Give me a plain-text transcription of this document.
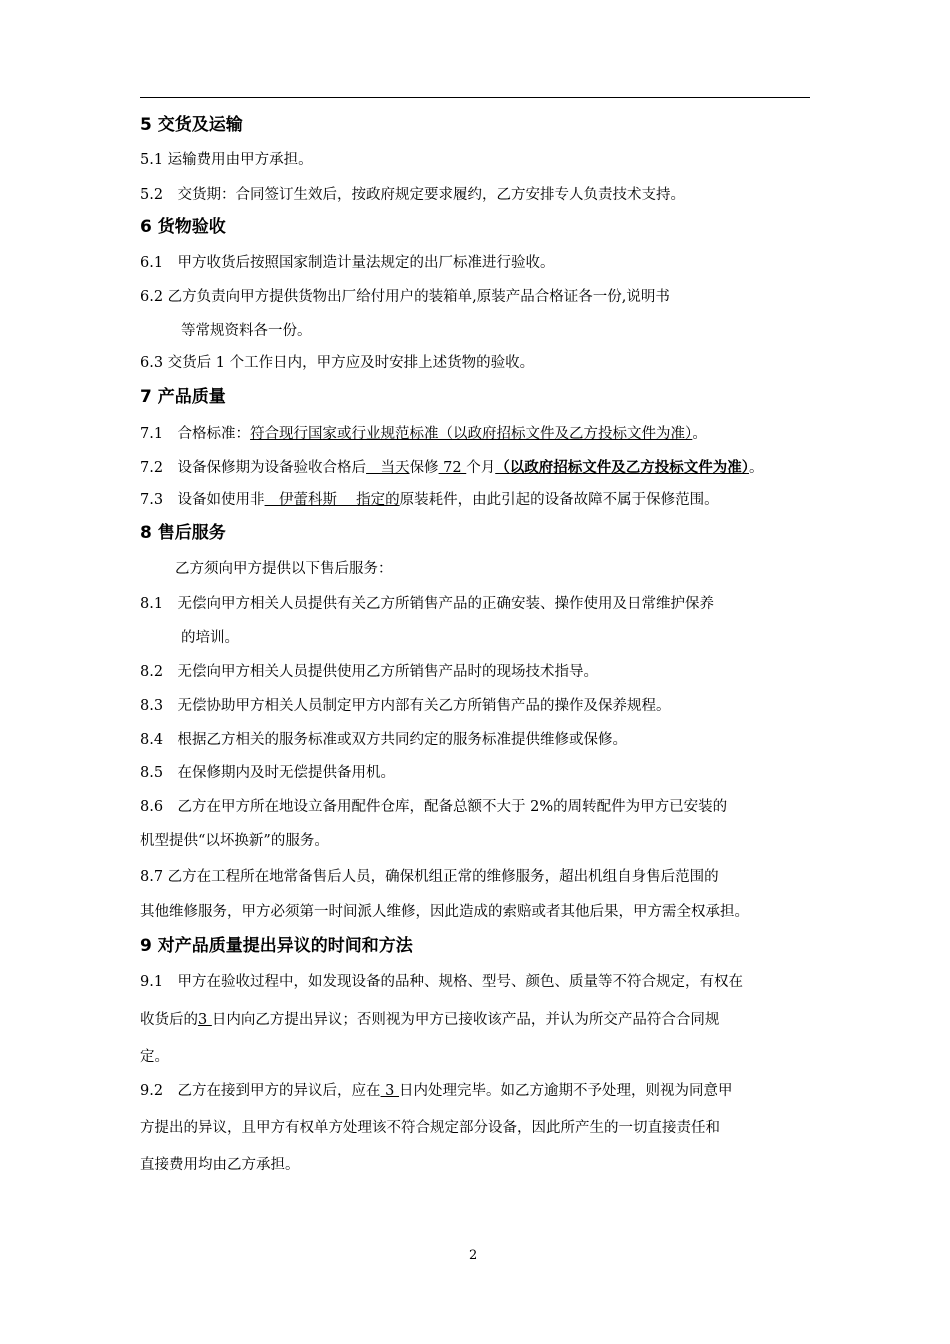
5 交货及运输
5.1 运输费用由甲方承担。
5.2　交货期：合同签订生效后，按政府规定要求履约，乙方安排专人负责技术支持。
6 货物验收
6.1　甲方收货后按照国家制造计量法规定的出厂标准进行验收。
6.2 乙方负责向甲方提供货物出厂给付用户的装箱单,原装产品合格证各一份,说明书
等常规资料各一份。
6.3 交货后 1 个工作日内，甲方应及时安排上述货物的验收。
7 产品质量
7.1　合格标准：符合现行国家或行业规范标准（以政府招标文件及乙方投标文件为准）。
7.2　设备保修期为设备验收合格后　当天保修 72 个月（以政府招标文件及乙方投标文件为准）。
7.3　设备如使用非　伊蕾科斯　 指定的原装耗件，由此引起的设备故障不属于保修范围。
8 售后服务
乙方须向甲方提供以下售后服务：
8.1　无偿向甲方相关人员提供有关乙方所销售产品的正确安装、操作使用及日常维护保养
的培训。
8.2　无偿向甲方相关人员提供使用乙方所销售产品时的现场技术指导。
8.3　无偿协助甲方相关人员制定甲方内部有关乙方所销售产品的操作及保养规程。
8.4　根据乙方相关的服务标准或双方共同约定的服务标准提供维修或保修。
8.5　在保修期内及时无偿提供备用机。
8.6　乙方在甲方所在地设立备用配件仓库，配备总额不大于 2%的周转配件为甲方已安装的
机型提供“以坏换新”的服务。
8.7 乙方在工程所在地常备售后人员，确保机组正常的维修服务，超出机组自身售后范围的
其他维修服务，甲方必须第一时间派人维修，因此造成的索赔或者其他后果，甲方需全权承担。
9 对产品质量提出异议的时间和方法
9.1　甲方在验收过程中，如发现设备的品种、规格、型号、颜色、质量等不符合规定，有权在
收货后的3 日内向乙方提出异议；否则视为甲方已接收该产品，并认为所交产品符合合同规
定。
9.2　乙方在接到甲方的异议后，应在 3 日内处理完毕。如乙方逾期不予处理，则视为同意甲
方提出的异议，且甲方有权单方处理该不符合规定部分设备，因此所产生的一切直接责任和
直接费用均由乙方承担。
2
